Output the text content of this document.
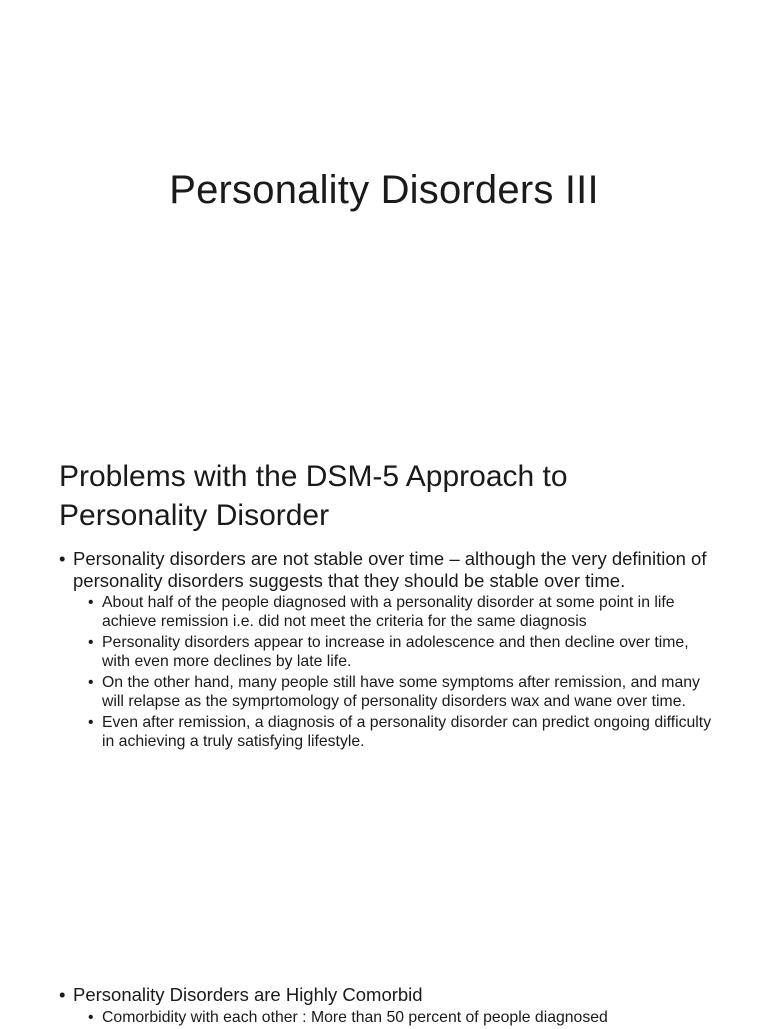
Personality Disorders III
Problems with the DSM-5 Approach to
Personality Disorder
• Personality disorders are not stable over time – although the very definition of personality disorders suggests that they should be stable over time.
• About half of the people diagnosed with a personality disorder at some point in life achieve remission i.e. did not meet the criteria for the same diagnosis
• Personality disorders appear to increase in adolescence and then decline over time, with even more declines by late life.
• On the other hand, many people still have some symptoms after remission, and many will relapse as the symprtomology of personality disorders wax and wane over time.
• Even after remission, a diagnosis of a personality disorder can predict ongoing difficulty in achieving a truly satisfying lifestyle.
• Personality Disorders are Highly Comorbid
• Comorbidity with each other : More than 50 percent of people diagnosed
